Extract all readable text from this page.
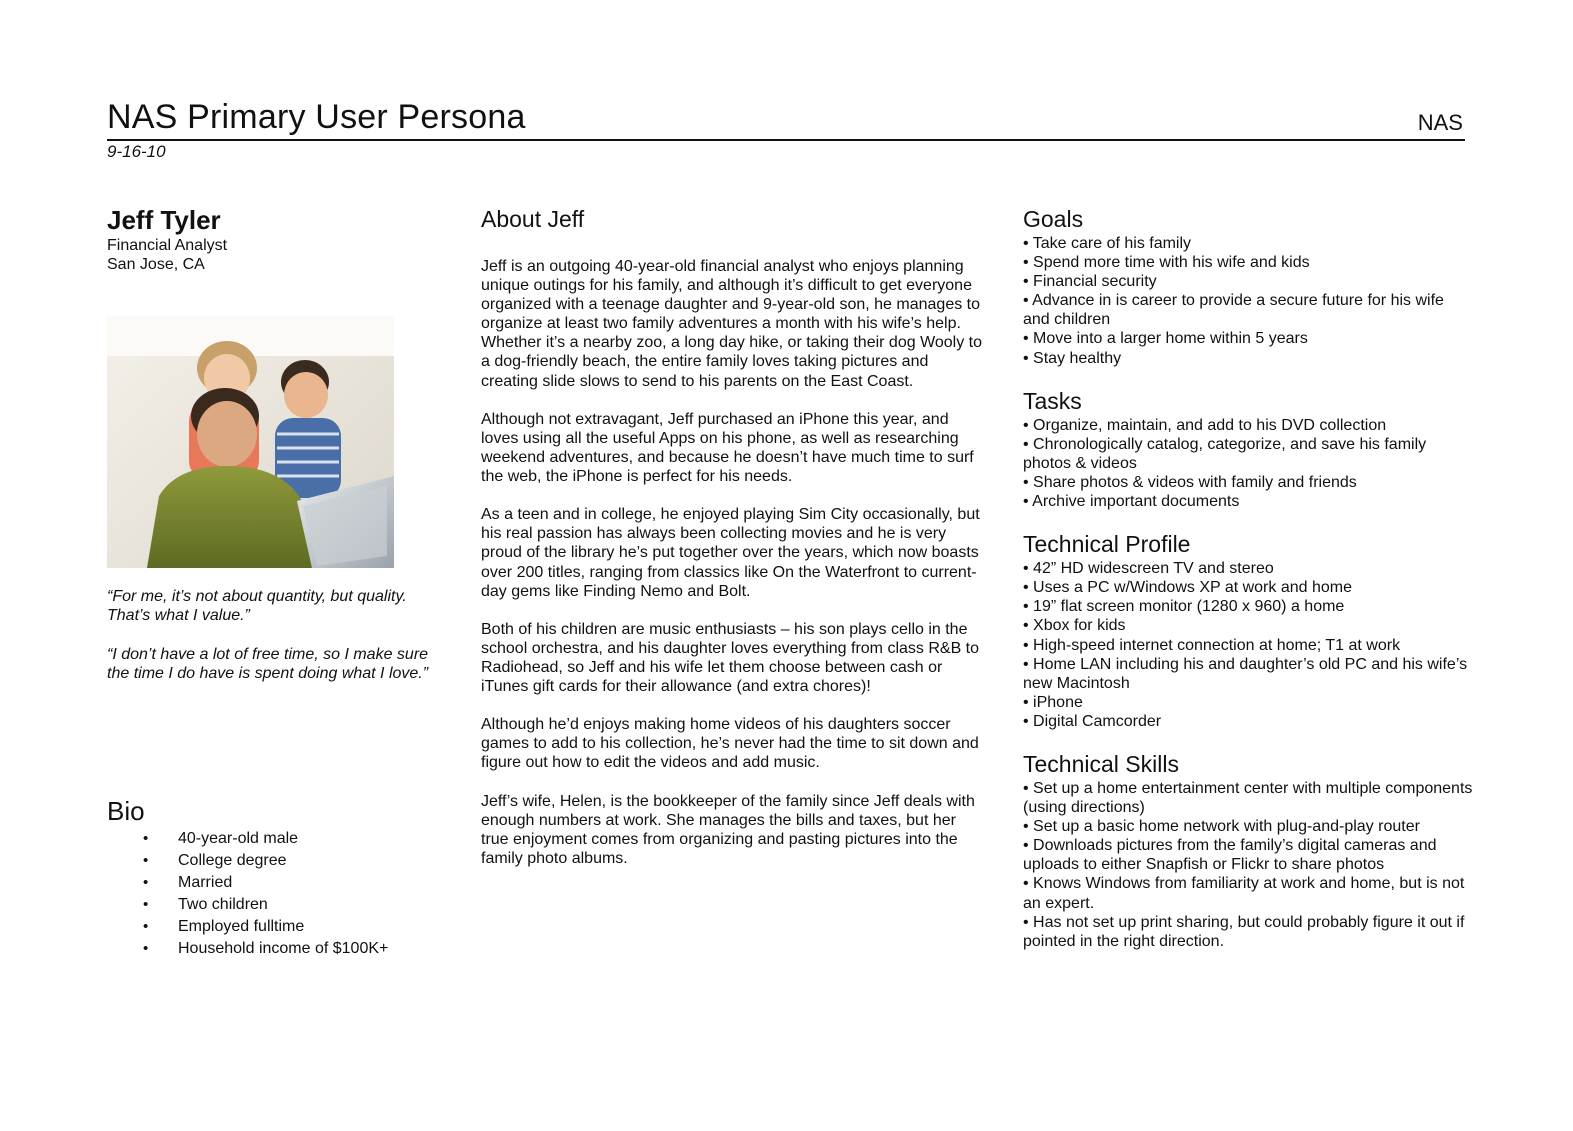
NAS Primary User Persona	NAS
9-16-10
Jeff Tyler
Financial Analyst
San Jose, CA
“For me, it’s not about quantity, but quality. That’s what I value.”
“I don’t have a lot of free time, so I make sure the time I do have is spent doing what I love.”
Bio
• 40-year-old male
• College degree
• Married
• Two children
• Employed fulltime
• Household income of $100K+
About Jeff

Jeff is an outgoing 40-year-old financial analyst who enjoys planning unique outings for his family, and although it’s difficult to get everyone organized with a teenage daughter and 9-year-old son, he manages to organize at least two family adventures a month with his wife’s help. Whether it’s a nearby zoo, a long day hike, or taking their dog Wooly to a dog-friendly beach, the entire family loves taking pictures and creating slide slows to send to his parents on the East Coast.

Although not extravagant, Jeff purchased an iPhone this year, and loves using all the useful Apps on his phone, as well as researching weekend adventures, and because he doesn’t have much time to surf the web, the iPhone is perfect for his needs.

As a teen and in college, he enjoyed playing Sim City occasionally, but his real passion has always been collecting movies and he is very proud of the library he’s put together over the years, which now boasts over 200 titles, ranging from classics like On the Waterfront to current-day gems like Finding Nemo and Bolt.

Both of his children are music enthusiasts – his son plays cello in the school orchestra, and his daughter loves everything from class R&B to Radiohead, so Jeff and his wife let them choose between cash or iTunes gift cards for their allowance (and extra chores)!

Although he’d enjoys making home videos of his daughters soccer games to add to his collection, he’s never had the time to sit down and figure out how to edit the videos and add music.

Jeff’s wife, Helen, is the bookkeeper of the family since Jeff deals with enough numbers at work. She manages the bills and taxes, but her true enjoyment comes from organizing and pasting pictures into the family photo albums.

Goals
• Take care of his family
• Spend more time with his wife and kids
• Financial security
• Advance in is career to provide a secure future for his wife and children
• Move into a larger home within 5 years
• Stay healthy
Tasks
• Organize, maintain, and add to his DVD collection
• Chronologically catalog, categorize, and save his family photos & videos
• Share photos & videos with family and friends
• Archive important documents
Technical Profile
• 42” HD widescreen TV and stereo
• Uses a PC w/Windows XP at work and home
• 19” flat screen monitor (1280 x 960) a home
• Xbox for kids
• High-speed internet connection at home; T1 at work
• Home LAN including his and daughter’s old PC and his wife’s new Macintosh
• iPhone
• Digital Camcorder
Technical Skills
• Set up a home entertainment center with multiple components (using directions)
• Set up a basic home network with plug-and-play router
• Downloads pictures from the family’s digital cameras and uploads to either Snapfish or Flickr to share photos
• Knows Windows from familiarity at work and home, but is not an expert.
• Has not set up print sharing, but could probably figure it out if pointed in the right direction.
